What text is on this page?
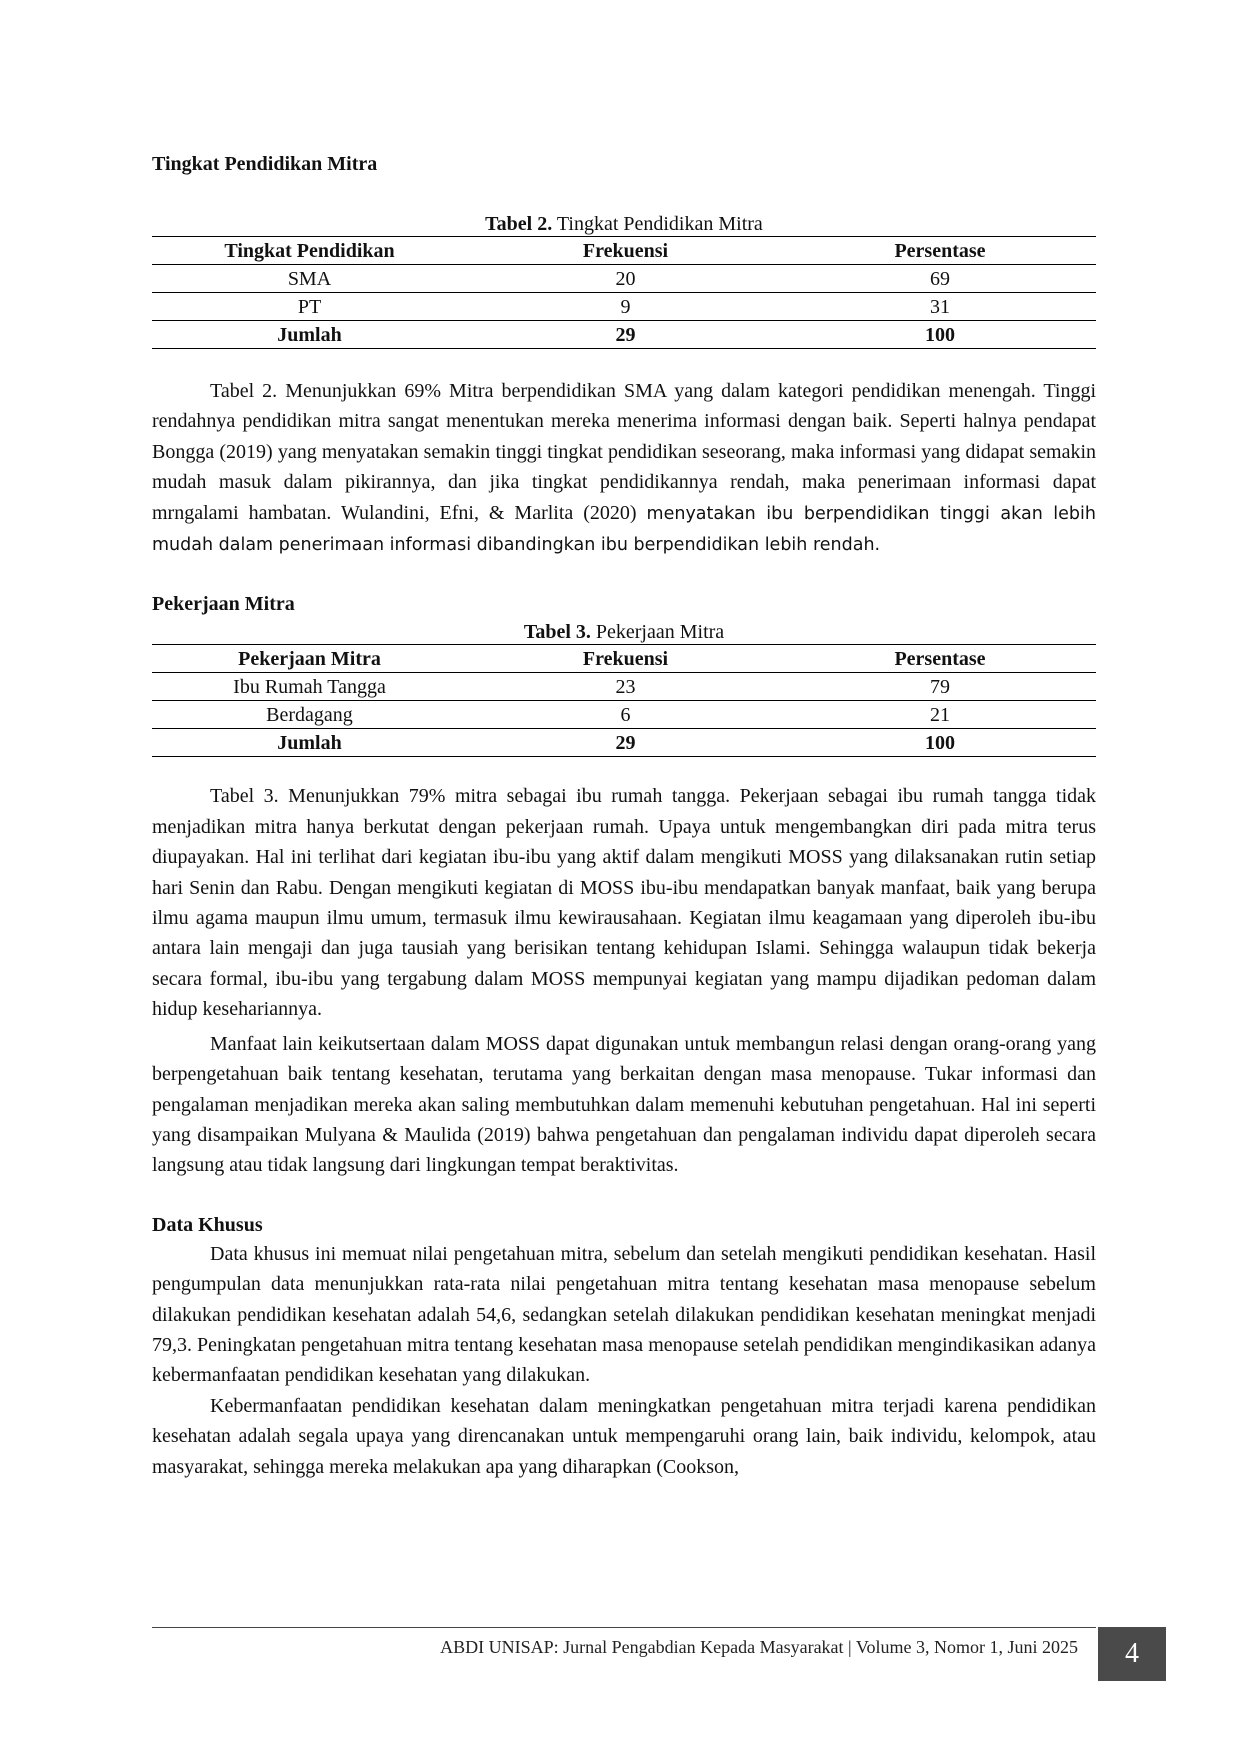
Tingkat Pendidikan Mitra

Tabel 2. Tingkat Pendidikan Mitra

Tingkat Pendidikan	Frekuensi	Persentase
SMA	20	69
PT	9	31
Jumlah	29	100

Tabel 2. Menunjukkan 69% Mitra berpendidikan SMA yang dalam kategori pendidikan menengah. Tinggi rendahnya pendidikan mitra sangat menentukan mereka menerima informasi dengan baik. Seperti halnya pendapat Bongga (2019) yang menyatakan semakin tinggi tingkat pendidikan seseorang, maka informasi yang didapat semakin mudah masuk dalam pikirannya, dan jika tingkat pendidikannya rendah, maka penerimaan informasi dapat mrngalami hambatan. Wulandini, Efni, & Marlita (2020) menyatakan ibu berpendidikan tinggi akan lebih mudah dalam penerimaan informasi dibandingkan ibu berpendidikan lebih rendah.

Pekerjaan Mitra

Tabel 3. Pekerjaan Mitra

Pekerjaan Mitra	Frekuensi	Persentase
Ibu Rumah Tangga	23	79
Berdagang	6	21
Jumlah	29	100

Tabel 3. Menunjukkan 79% mitra sebagai ibu rumah tangga. Pekerjaan sebagai ibu rumah tangga tidak menjadikan mitra hanya berkutat dengan pekerjaan rumah. Upaya untuk mengembangkan diri pada mitra terus diupayakan. Hal ini terlihat dari kegiatan ibu-ibu yang aktif dalam mengikuti MOSS yang dilaksanakan rutin setiap hari Senin dan Rabu. Dengan mengikuti kegiatan di MOSS ibu-ibu mendapatkan banyak manfaat, baik yang berupa ilmu agama maupun ilmu umum, termasuk ilmu kewirausahaan. Kegiatan ilmu keagamaan yang diperoleh ibu-ibu antara lain mengaji dan juga tausiah yang berisikan tentang kehidupan Islami. Sehingga walaupun tidak bekerja secara formal, ibu-ibu yang tergabung dalam MOSS mempunyai kegiatan yang mampu dijadikan pedoman dalam hidup kesehariannya.

Manfaat lain keikutsertaan dalam MOSS dapat digunakan untuk membangun relasi dengan orang-orang yang berpengetahuan baik tentang kesehatan, terutama yang berkaitan dengan masa menopause. Tukar informasi dan pengalaman menjadikan mereka akan saling membutuhkan dalam memenuhi kebutuhan pengetahuan. Hal ini seperti yang disampaikan Mulyana & Maulida (2019) bahwa pengetahuan dan pengalaman individu dapat diperoleh secara langsung atau tidak langsung dari lingkungan tempat beraktivitas.

Data Khusus

Data khusus ini memuat nilai pengetahuan mitra, sebelum dan setelah mengikuti pendidikan kesehatan. Hasil pengumpulan data menunjukkan rata-rata nilai pengetahuan mitra tentang kesehatan masa menopause sebelum dilakukan pendidikan kesehatan adalah 54,6, sedangkan setelah dilakukan pendidikan kesehatan meningkat menjadi 79,3. Peningkatan pengetahuan mitra tentang kesehatan masa menopause setelah pendidikan mengindikasikan adanya kebermanfaatan pendidikan kesehatan yang dilakukan.

Kebermanfaatan pendidikan kesehatan dalam meningkatkan pengetahuan mitra terjadi karena pendidikan kesehatan adalah segala upaya yang direncanakan untuk mempengaruhi orang lain, baik individu, kelompok, atau masyarakat, sehingga mereka melakukan apa yang diharapkan (Cookson,

ABDI UNISAP: Jurnal Pengabdian Kepada Masyarakat | Volume 3, Nomor 1, Juni 2025	4
